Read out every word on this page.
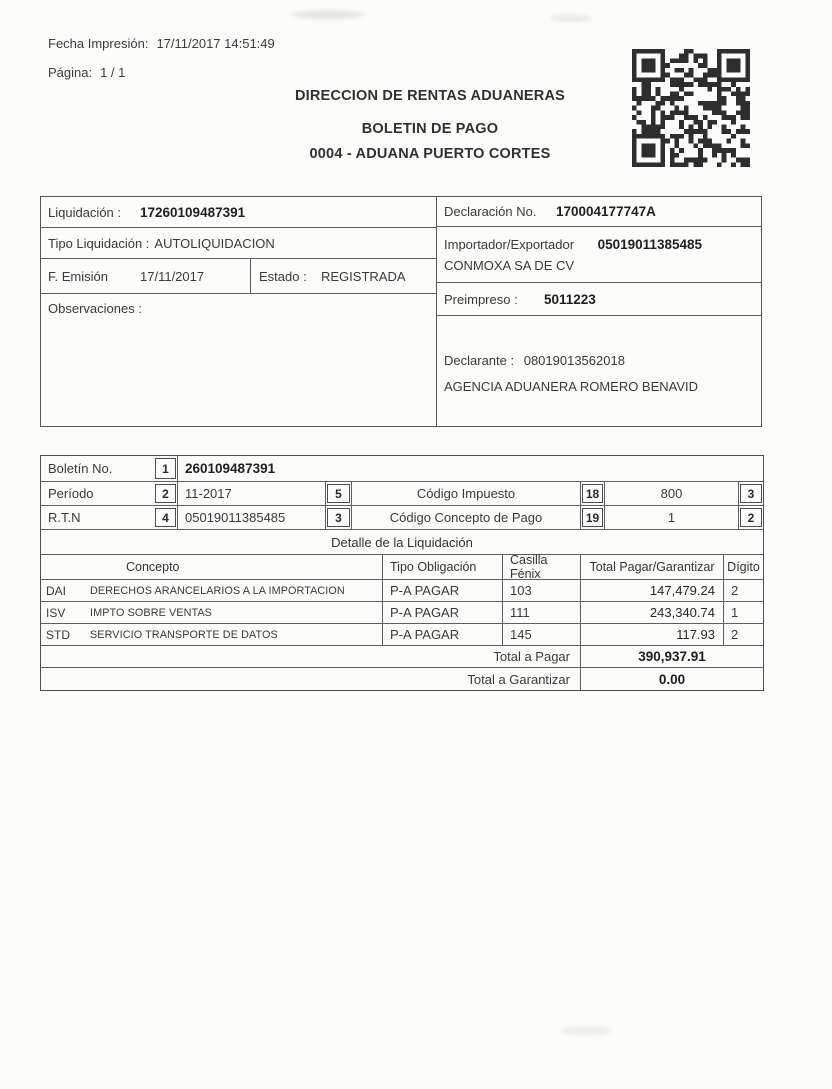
Fecha Impresión: 17/11/2017 14:51:49
Página: 1 / 1
DIRECCION DE RENTAS ADUANERAS
BOLETIN DE PAGO
0004 - ADUANA PUERTO CORTES
Liquidación :	17260109487391
Tipo Liquidación : AUTOLIQUIDACION
F. Emisión	17/11/2017	Estado :	REGISTRADA
Observaciones :
Declaración No.	170004177747A
Importador/Exportador 05019011385485
CONMOXA SA DE CV
Preimpreso :	5011223
Declarante : 08019013562018
AGENCIA ADUANERA ROMERO BENAVID
Boletín No.	1	260109487391
Período	2	11-2017	5	Código Impuesto	18	800	3
R.T.N	4	05019011385485	3	Código Concepto de Pago	19	1	2
Detalle de la Liquidación
Concepto	Tipo Obligación	Casilla Fénix	Total Pagar/Garantizar	Dígito
DAI	DERECHOS ARANCELARIOS A LA IMPORTACION	P-A PAGAR	103	147,479.24	2
ISV	IMPTO SOBRE VENTAS	P-A PAGAR	111	243,340.74	1
STD	SERVICIO TRANSPORTE DE DATOS	P-A PAGAR	145	117.93	2
Total a Pagar	390,937.91
Total a Garantizar	0.00
